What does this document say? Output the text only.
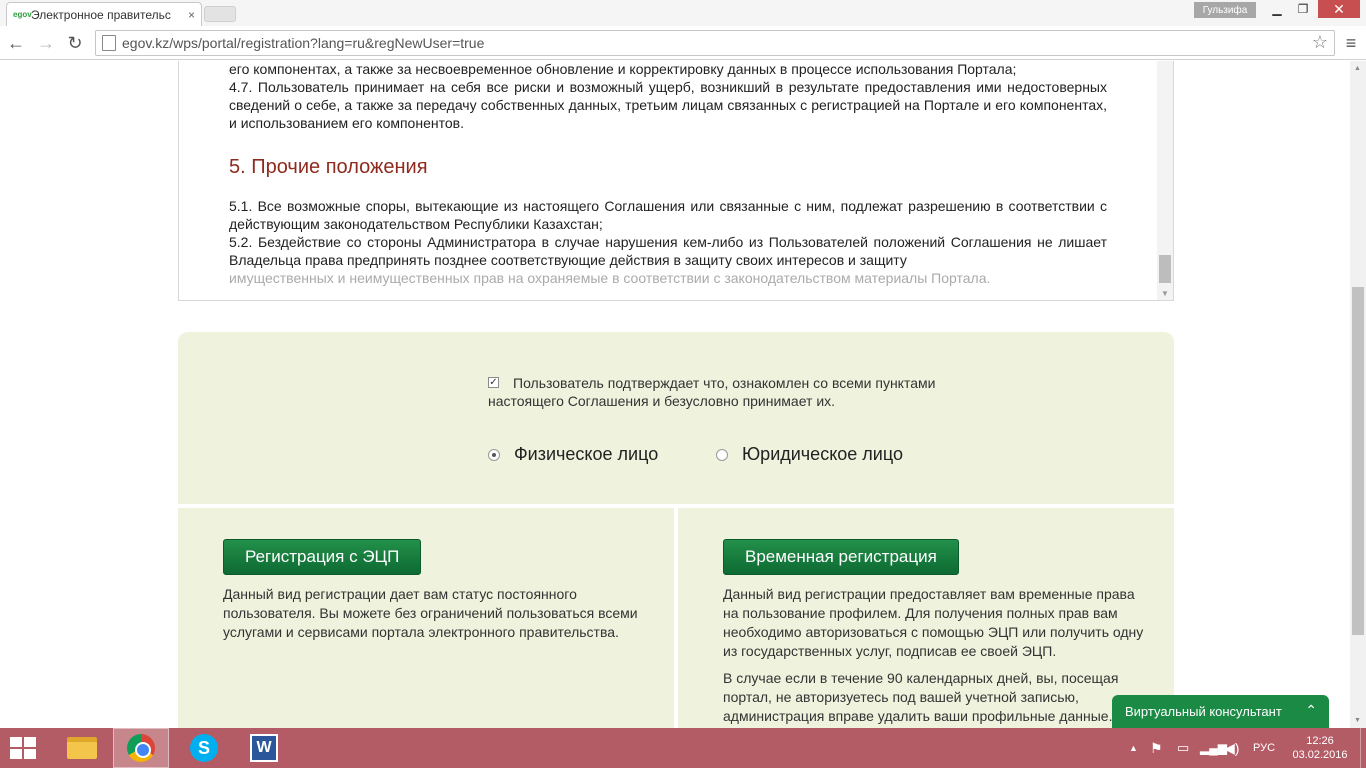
egov Электронное правительс	×	Гульзифа	▁	❐	✕
← → ↻	egov.kz/wps/portal/registration?lang=ru&regNewUser=true	☆ ≡

его компонентах, а также за несвоевременное обновление и корректировку данных в процессе использования Портала;

4.7. Пользователь принимает на себя все риски и возможный ущерб, возникший в результате предоставления ими недостоверных сведений о себе, а также за передачу собственных данных, третьим лицам связанных с регистрацией на Портале и его компонентах, и использованием его компонентов.

5. Прочие положения

5.1. Все возможные споры, вытекающие из настоящего Соглашения или связанные с ним, подлежат разрешению в соответствии с действующим законодательством Республики Казахстан;

5.2. Бездействие со стороны Администратора в случае нарушения кем-либо из Пользователей положений Соглашения не лишает Владельца права предпринять позднее соответствующие действия в защиту своих интересов и защиту

имущественных и неимущественных прав на охраняемые в соответствии с законодательством материалы Портала.

▼
✓ Пользователь подтверждает что, ознакомлен со всеми пунктами
настоящего Соглашения и безусловно принимает их.
Физическое лицо	Юридическое лицо
Регистрация с ЭЦП
Данный вид регистрации дает вам статус постоянного пользователя. Вы можете без ограничений пользоваться всеми услугами и сервисами портала электронного правительства.
Временная регистрация
Данный вид регистрации предоставляет вам временные права на пользование профилем. Для получения полных прав вам необходимо авторизоваться с помощью ЭЦП или получить одну из государственных услуг, подписав ее своей ЭЦП.
В случае если в течение 90 календарных дней, вы, посещая портал, не авторизуетесь под вашей учетной записью, администрация вправе удалить ваши профильные данные.
▲
▼
Виртуальный консультант ⌃
S	W	▲ ⚑ ▭ ▂▄▆
◀) РУС
12:26
03.02.2016
